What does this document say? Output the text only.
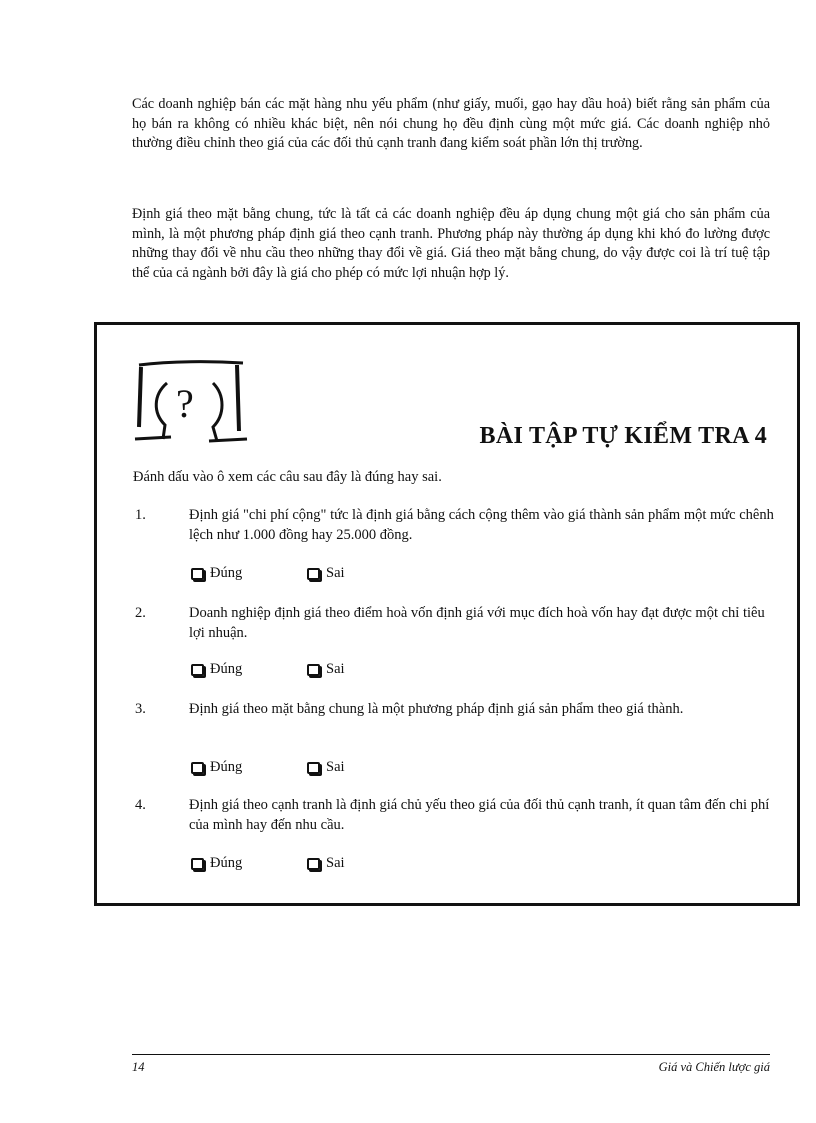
Các doanh nghiệp bán các mặt hàng nhu yếu phẩm (như giấy, muối, gạo hay dầu hoả) biết rằng sản phẩm của họ bán ra không có nhiều khác biệt, nên nói chung họ đều định cùng một mức giá. Các doanh nghiệp nhỏ thường điều chỉnh theo giá của các đối thủ cạnh tranh đang kiểm soát phần lớn thị trường.

Định giá theo mặt bằng chung, tức là tất cả các doanh nghiệp đều áp dụng chung một giá cho sản phẩm của mình, là một phương pháp định giá theo cạnh tranh. Phương pháp này thường áp dụng khi khó đo lường được những thay đổi về nhu cầu theo những thay đổi về giá. Giá theo mặt bằng chung, do vậy được coi là trí tuệ tập thể của cả ngành bởi đây là giá cho phép có mức lợi nhuận hợp lý.

?
BÀI TẬP TỰ KIỂM TRA 4
Đánh dấu vào ô xem các câu sau đây là đúng hay sai.
1.	Định giá "chi phí cộng" tức là định giá bằng cách cộng thêm vào giá thành sản phẩm một mức chênh lệch như 1.000 đồng hay 25.000 đồng.
Đúng	Sai
2.	Doanh nghiệp định giá theo điểm hoà vốn định giá với mục đích hoà vốn hay đạt được một chỉ tiêu lợi nhuận.
Đúng	Sai
3.	Định giá theo mặt bằng chung là một phương pháp định giá sản phẩm theo giá thành.
Đúng	Sai
4.	Định giá theo cạnh tranh là định giá chủ yếu theo giá của đối thủ cạnh tranh, ít quan tâm đến chi phí của mình hay đến nhu cầu.
Đúng	Sai
14	Giá và Chiến lược giá
